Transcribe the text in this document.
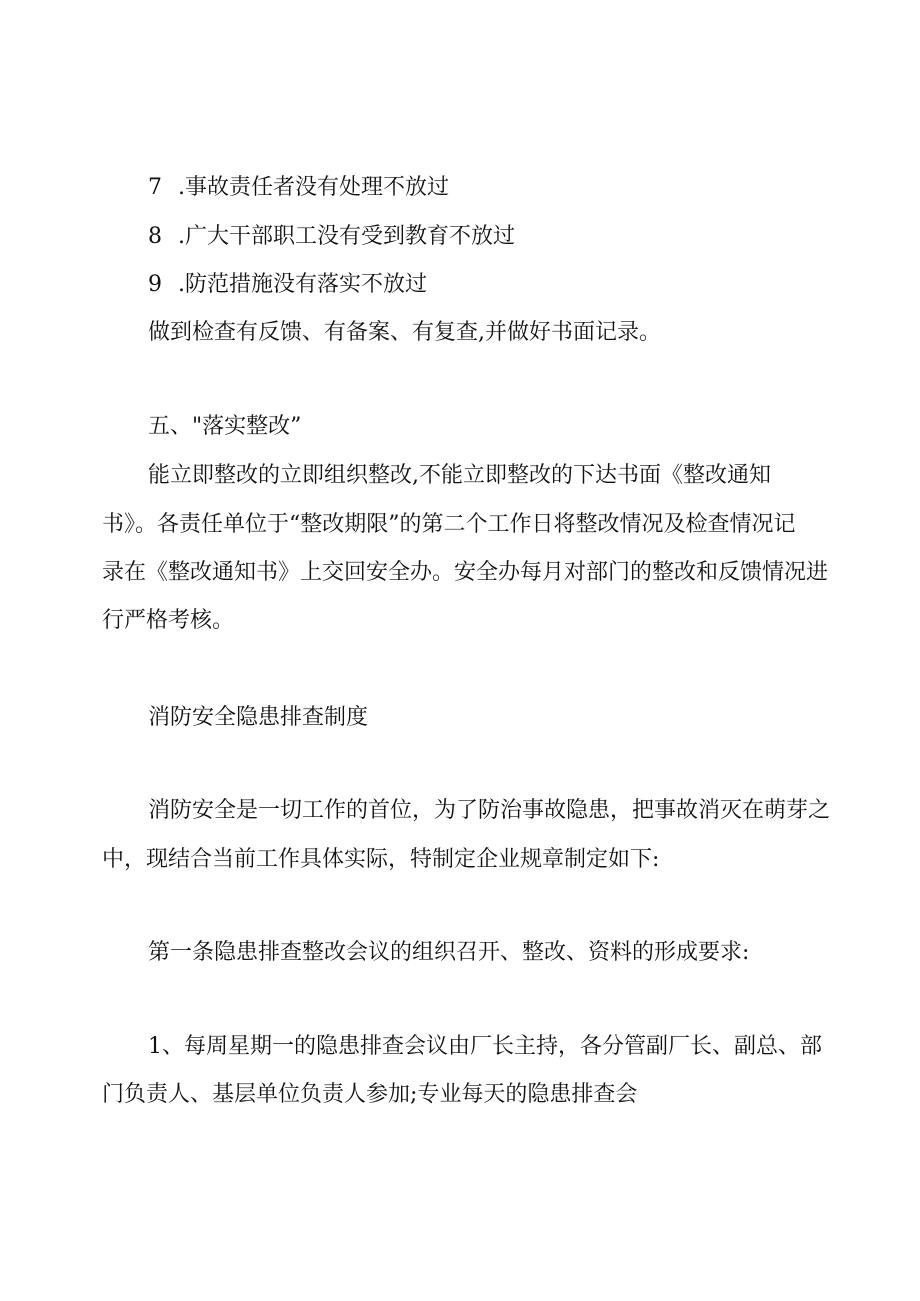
7 .事故责任者没有处理不放过
8 .广大干部职工没有受到教育不放过
9 .防范措施没有落实不放过
做到检查有反馈、有备案、有复查,并做好书面记录。
五、"落实整改”
能立即整改的立即组织整改,不能立即整改的下达书面《整改通知
书》。各责任单位于“整改期限”的第二个工作日将整改情况及检查情况记
录在《整改通知书》上交回安全办。安全办每月对部门的整改和反馈情况进
行严格考核。
消防安全隐患排查制度
消防安全是一切工作的首位，为了防治事故隐患，把事故消灭在萌芽之
中，现结合当前工作具体实际，特制定企业规章制定如下:
第一条隐患排查整改会议的组织召开、整改、资料的形成要求:
1、每周星期一的隐患排查会议由厂长主持，各分管副厂长、副总、部
门负责人、基层单位负责人参加;专业每天的隐患排查会
